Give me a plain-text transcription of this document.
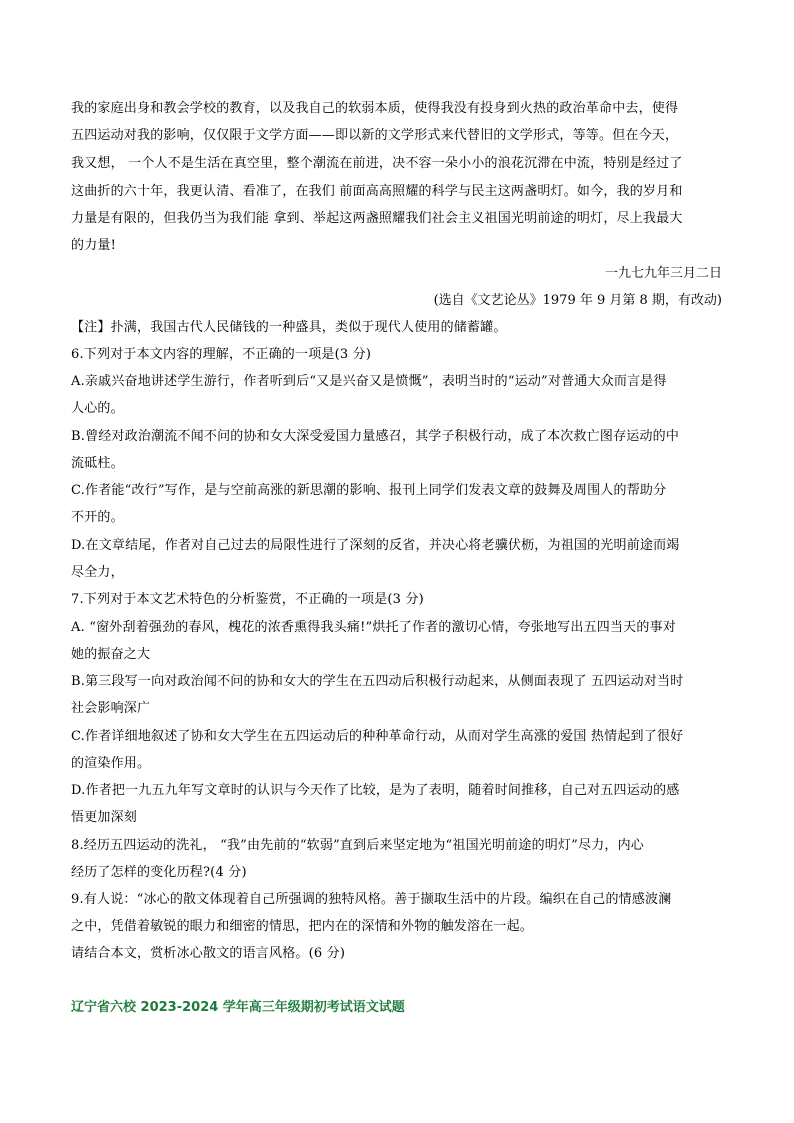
我的家庭出身和教会学校的教育，以及我自己的软弱本质，使得我没有投身到火热的政治革命中去，使得
五四运动对我的影响，仅仅限于文学方面——即以新的文学形式来代替旧的文学形式，等等。但在今天，
我又想， 一个人不是生活在真空里，整个潮流在前进，决不容一朵小小的浪花沉滞在中流，特别是经过了
这曲折的六十年，我更认清、看准了，在我们 前面高高照耀的科学与民主这两盏明灯。如今，我的岁月和
力量是有限的，但我仍当为我们能 拿到、举起这两盏照耀我们社会主义祖国光明前途的明灯，尽上我最大
的力量!
一九七九年三月二日
(选自《文艺论丛》1979 年 9 月第 8 期，有改动)
【注】扑满，我国古代人民储钱的一种盛具，类似于现代人使用的储蓄罐。
6.下列对于本文内容的理解，不正确的一项是(3 分)
A.亲戚兴奋地讲述学生游行，作者听到后“又是兴奋又是愤慨”，表明当时的“运动”对普通大众而言是得
人心的。
B.曾经对政治潮流不闻不问的协和女大深受爱国力量感召，其学子积极行动，成了本次救亡图存运动的中
流砥柱。
C.作者能“改行”写作，是与空前高涨的新思潮的影响、报刊上同学们发表文章的鼓舞及周围人的帮助分
不开的。
D.在文章结尾，作者对自己过去的局限性进行了深刻的反省，并决心将老骥伏枥，为祖国的光明前途而竭
尽全力，
7.下列对于本文艺术特色的分析鉴赏，不正确的一项是(3 分)
A. “窗外刮着强劲的春风，槐花的浓香熏得我头痛!”烘托了作者的激切心情，夸张地写出五四当天的事对
她的振奋之大
B.第三段写一向对政治闻不问的协和女大的学生在五四动后积极行动起来，从侧面表现了 五四运动对当时
社会影响深广
C.作者详细地叙述了协和女大学生在五四运动后的种种革命行动，从而对学生高涨的爱国 热情起到了很好
的渲染作用。
D.作者把一九五九年写文章时的认识与今天作了比较，是为了表明，随着时间推移，自己对五四运动的感
悟更加深刻
8.经历五四运动的洗礼， “我”由先前的“软弱”直到后来坚定地为“祖国光明前途的明灯”尽力，内心
经历了怎样的变化历程?(4 分)
9.有人说：“冰心的散文体现着自己所强调的独特风格。善于撷取生活中的片段。编织在自己的情感波澜
之中，凭借着敏锐的眼力和细密的情思，把内在的深情和外物的触发溶在一起。
请结合本文，赏析冰心散文的语言风格。(6 分)
辽宁省六校 2023-2024 学年高三年级期初考试语文试题
